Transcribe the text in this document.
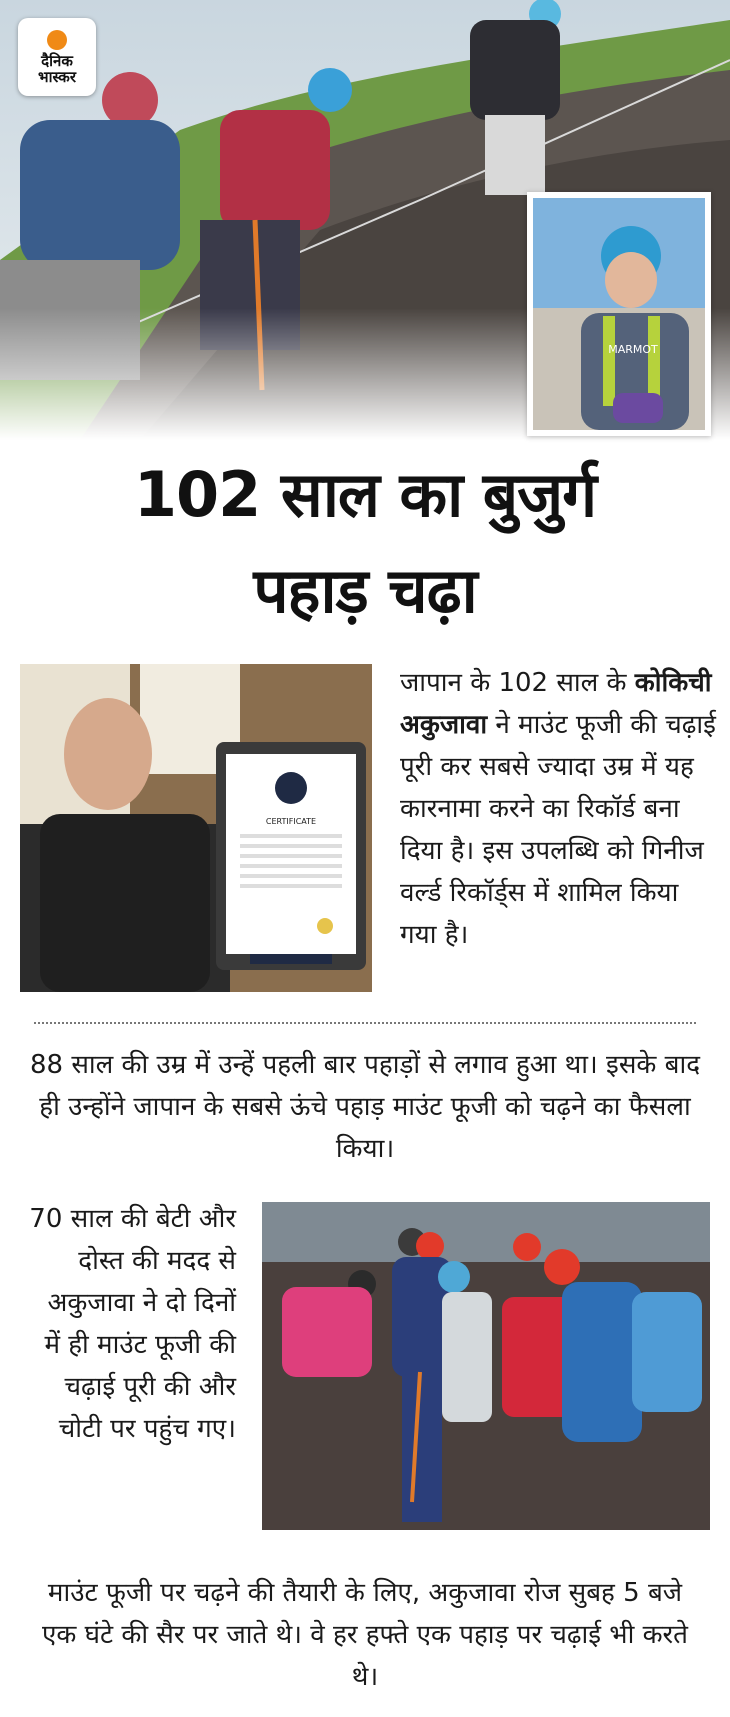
दैनिक
भास्कर
MARMOT
102 साल का बुजुर्ग
पहाड़ चढ़ा
CERTIFICATE
जापान के 102 साल के कोकिची अकुजावा ने माउंट फूजी की चढ़ाई पूरी कर सबसे ज्यादा उम्र में यह कारनामा करने का रिकॉर्ड बना दिया है। इस उपलब्धि को गिनीज वर्ल्ड रिकॉर्ड्स में शामिल किया गया है।
88 साल की उम्र में उन्हें पहली बार पहाड़ों से लगाव हुआ था। इसके बाद ही उन्होंने जापान के सबसे ऊंचे पहाड़ माउंट फूजी को चढ़ने का फैसला किया।
70 साल की बेटी और दोस्त की मदद से अकुजावा ने दो दिनों में ही माउंट फूजी की चढ़ाई पूरी की और चोटी पर पहुंच गए।
माउंट फूजी पर चढ़ने की तैयारी के लिए, अकुजावा रोज सुबह 5 बजे एक घंटे की सैर पर जाते थे। वे हर हफ्ते एक पहाड़ पर चढ़ाई भी करते थे।
